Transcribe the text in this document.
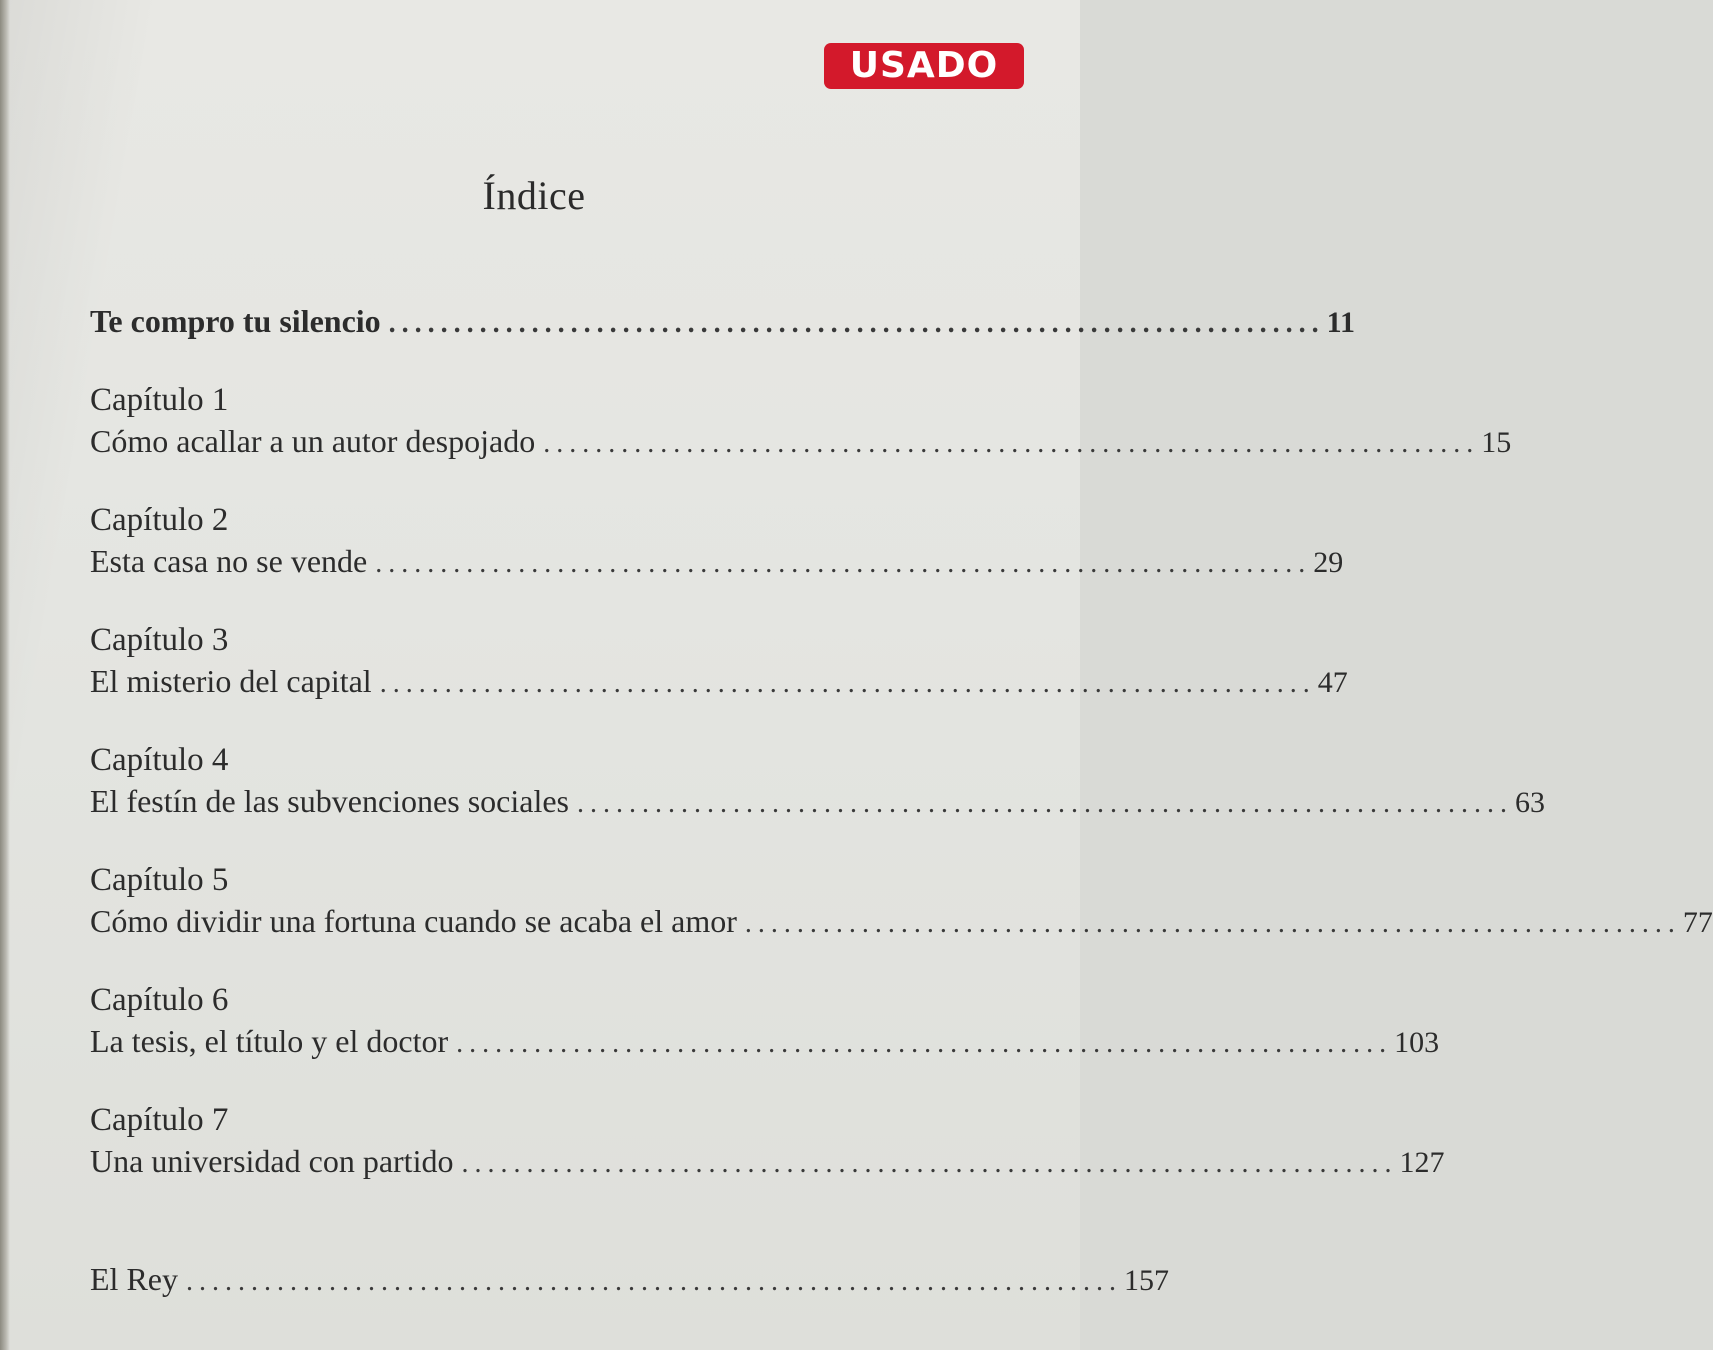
USADO
Índice
Te compro tu silencio ........................................................................ 11
Capítulo 1
Cómo acallar a un autor despojado ........................................................................ 15
Capítulo 2
Esta casa no se vende ........................................................................ 29
Capítulo 3
El misterio del capital ........................................................................ 47
Capítulo 4
El festín de las subvenciones sociales ........................................................................ 63
Capítulo 5
Cómo dividir una fortuna cuando se acaba el amor ........................................................................ 77
Capítulo 6
La tesis, el título y el doctor ........................................................................ 103
Capítulo 7
Una universidad con partido ........................................................................ 127
El Rey ........................................................................ 157
